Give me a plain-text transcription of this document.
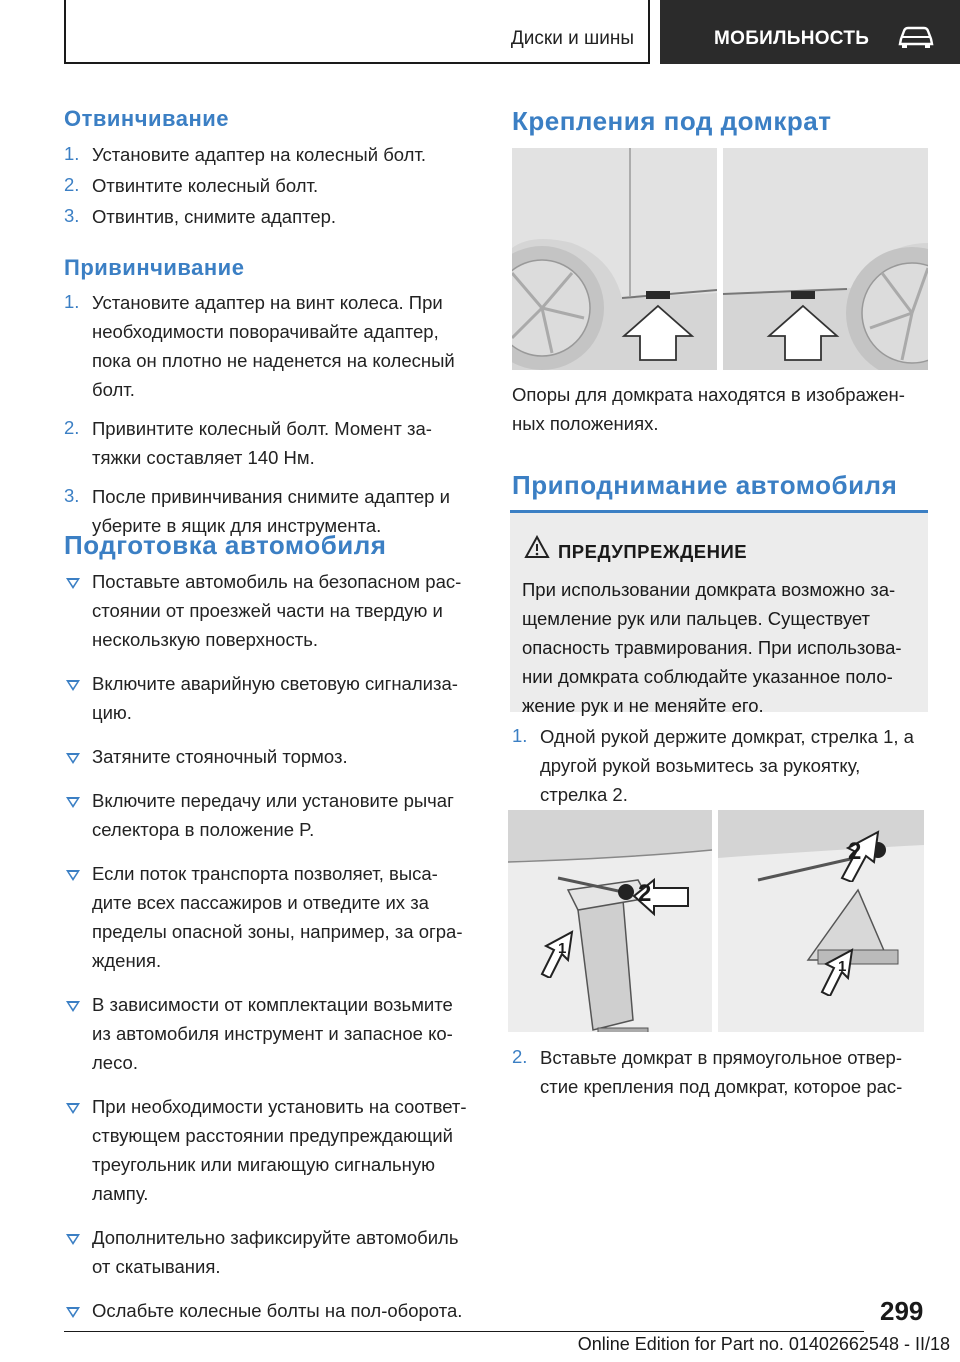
Диски и шины	МОБИЛЬНОСТЬ
Отвинчивание
1. Установите адаптер на колесный болт.
2. Отвинтите колесный болт.
3. Отвинтив, снимите адаптер.
Привинчивание
1. Установите адаптер на винт колеса. При
необходимости поворачивайте адаптер,
пока он плотно не наденется на колесный
болт.
2. Привинтите колесный болт. Момент за-
тяжки составляет 140 Нм.
3. После привинчивания снимите адаптер и
уберите в ящик для инструмента.
Подготовка автомобиля
Поставьте автомобиль на безопасном рас-
стоянии от проезжей части на твердую и
нескользкую поверхность.
Включите аварийную световую сигнализа-
цию.
Затяните стояночный тормоз.
Включите передачу или установите рычаг
селектора в положение P.
Если поток транспорта позволяет, выса-
дите всех пассажиров и отведите их за
пределы опасной зоны, например, за огра-
ждения.
В зависимости от комплектации возьмите
из автомобиля инструмент и запасное ко-
лесо.
При необходимости установить на соответ-
ствующем расстоянии предупреждающий
треугольник или мигающую сигнальную
лампу.
Дополнительно зафиксируйте автомобиль
от скатывания.
Ослабьте колесные болты на пол-оборота.
Крепления под домкрат
Опоры для домкрата находятся в изображен-
ных положениях.
Приподнимание автомобиля
ПРЕДУПРЕЖДЕНИЕ
При использовании домкрата возможно за-
щемление рук или пальцев. Существует
опасность травмирования. При использова-
нии домкрата соблюдайте указанное поло-
жение рук и не меняйте его.
1. Одной рукой держите домкрат, стрелка 1, а
другой рукой возьмитесь за рукоятку,
стрелка 2.
1
2
1
2
2. Вставьте домкрат в прямоугольное отвер-
стие крепления под домкрат, которое рас-
299
Online Edition for Part no. 01402662548 - II/18
